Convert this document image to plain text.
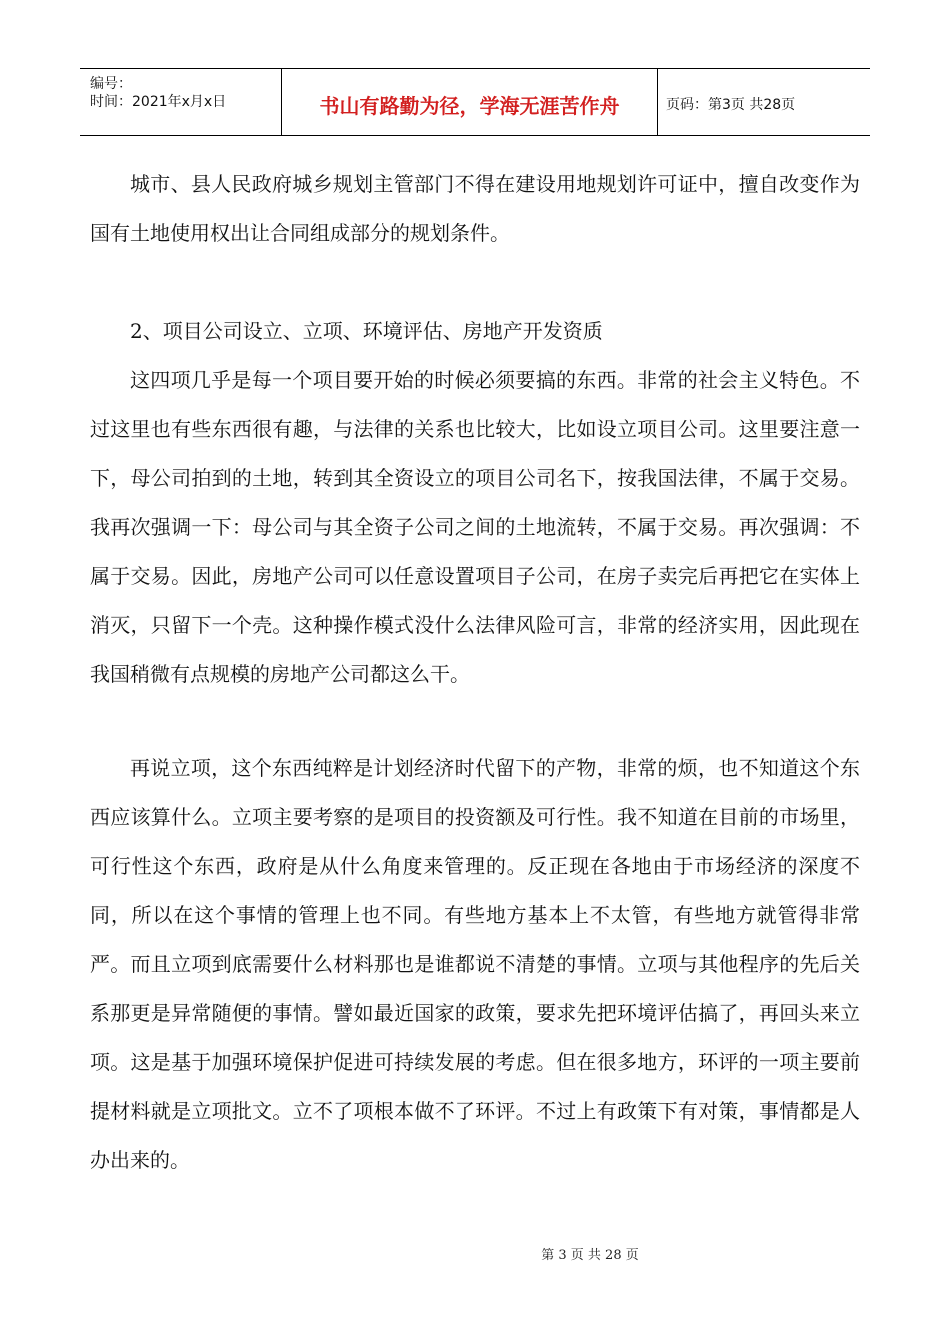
编号：
时间：2021年x月x日	书山有路勤为径，学海无涯苦作舟	页码：第3页 共28页

城市、县人民政府城乡规划主管部门不得在建设用地规划许可证中，擅自改变作为国有土地使用权出让合同组成部分的规划条件。

2、项目公司设立、立项、环境评估、房地产开发资质

这四项几乎是每一个项目要开始的时候必须要搞的东西。非常的社会主义特色。不过这里也有些东西很有趣，与法律的关系也比较大，比如设立项目公司。这里要注意一下，母公司拍到的土地，转到其全资设立的项目公司名下，按我国法律，不属于交易。我再次强调一下：母公司与其全资子公司之间的土地流转，不属于交易。再次强调：不属于交易。因此，房地产公司可以任意设置项目子公司，在房子卖完后再把它在实体上消灭，只留下一个壳。这种操作模式没什么法律风险可言，非常的经济实用，因此现在我国稍微有点规模的房地产公司都这么干。

再说立项，这个东西纯粹是计划经济时代留下的产物，非常的烦，也不知道这个东西应该算什么。立项主要考察的是项目的投资额及可行性。我不知道在目前的市场里，可行性这个东西，政府是从什么角度来管理的。反正现在各地由于市场经济的深度不同，所以在这个事情的管理上也不同。有些地方基本上不太管，有些地方就管得非常严。而且立项到底需要什么材料那也是谁都说不清楚的事情。立项与其他程序的先后关系那更是异常随便的事情。譬如最近国家的政策，要求先把环境评估搞了，再回头来立项。这是基于加强环境保护促进可持续发展的考虑。但在很多地方，环评的一项主要前提材料就是立项批文。立不了项根本做不了环评。不过上有政策下有对策，事情都是人办出来的。

第 3 页 共 28 页
